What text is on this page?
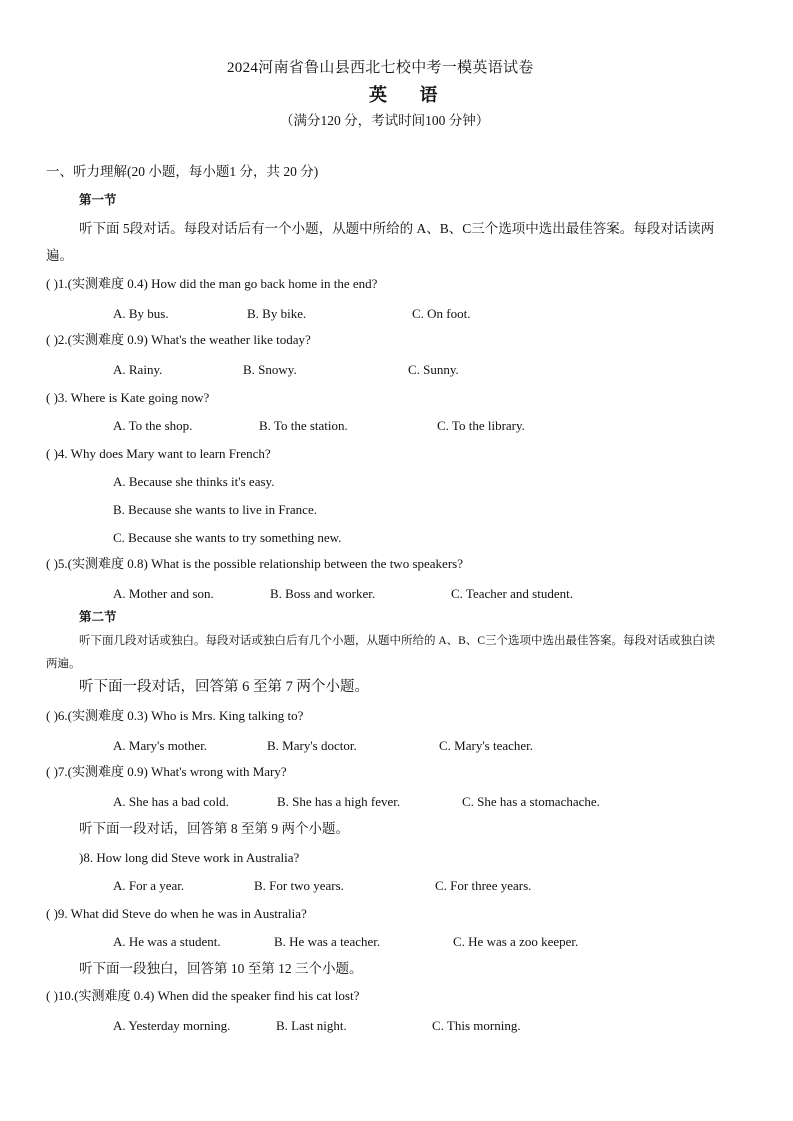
2024河南省鲁山县西北七校中考一模英语试卷
英 语
（满分120 分，考试时间100 分钟）
一、听力理解(20 小题，每小题1 分，共 20 分)
第一节
听下面 5段对话。每段对话后有一个小题，从题中所给的 A、B、C三个选项中选出最佳答案。每段对话读两
遍。
( )1.(实测难度 0.4) How did the man go back home in the end?
A. By bus.	B. By bike.	C. On foot.
( )2.(实测难度 0.9) What's the weather like today?
A. Rainy.	B. Snowy.	C. Sunny.
( )3. Where is Kate going now?
A. To the shop.	B. To the station.	C. To the library.
( )4. Why does Mary want to learn French?
A. Because she thinks it's easy.
B. Because she wants to live in France.
C. Because she wants to try something new.
( )5.(实测难度 0.8) What is the possible relationship between the two speakers?
A. Mother and son.	B. Boss and worker.	C. Teacher and student.
第二节
听下面几段对话或独白。每段对话或独白后有几个小题，从题中所给的 A、B、C三个选项中选出最佳答案。每段对话或独白读
两遍。
听下面一段对话，回答第 6 至第 7 两个小题。
( )6.(实测难度 0.3) Who is Mrs. King talking to?
A. Mary's mother.	B. Mary's doctor.	C. Mary's teacher.
( )7.(实测难度 0.9) What's wrong with Mary?
A. She has a bad cold.	B. She has a high fever.	C. She has a stomachache.
听下面一段对话，回答第 8 至第 9 两个小题。
)8. How long did Steve work in Australia?
A. For a year.	B. For two years.	C. For three years.
( )9. What did Steve do when he was in Australia?
A. He was a student.	B. He was a teacher.	C. He was a zoo keeper.
听下面一段独白，回答第 10 至第 12 三个小题。
( )10.(实测难度 0.4) When did the speaker find his cat lost?
A. Yesterday morning.	B. Last night.	C. This morning.
